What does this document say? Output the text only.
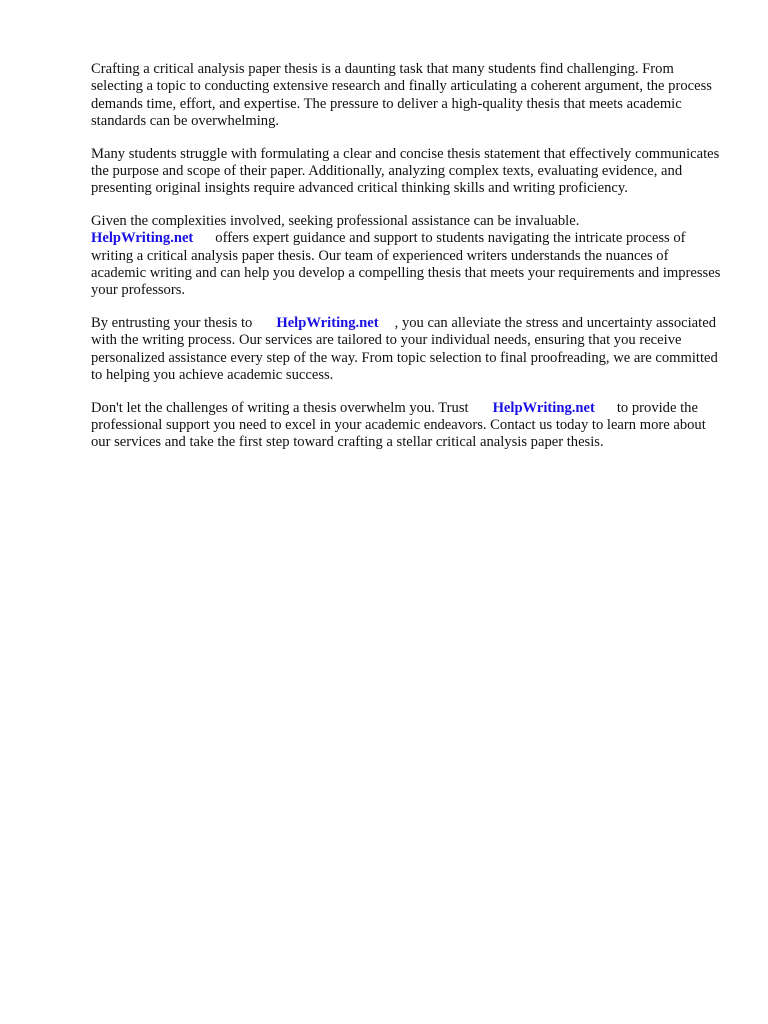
Crafting a critical analysis paper thesis is a daunting task that many students find challenging. From selecting a topic to conducting extensive research and finally articulating a coherent argument, the process demands time, effort, and expertise. The pressure to deliver a high-quality thesis that meets academic standards can be overwhelming.

Many students struggle with formulating a clear and concise thesis statement that effectively communicates the purpose and scope of their paper. Additionally, analyzing complex texts, evaluating evidence, and presenting original insights require advanced critical thinking skills and writing proficiency.

Given the complexities involved, seeking professional assistance can be invaluable.
HelpWriting.net offers expert guidance and support to students navigating the intricate process of writing a critical analysis paper thesis. Our team of experienced writers understands the nuances of academic writing and can help you develop a compelling thesis that meets your requirements and impresses your professors.

By entrusting your thesis to HelpWriting.net , you can alleviate the stress and uncertainty associated with the writing process. Our services are tailored to your individual needs, ensuring that you receive personalized assistance every step of the way. From topic selection to final proofreading, we are committed to helping you achieve academic success.

Don't let the challenges of writing a thesis overwhelm you. Trust HelpWriting.net to provide the professional support you need to excel in your academic endeavors. Contact us today to learn more about our services and take the first step toward crafting a stellar critical analysis paper thesis.
